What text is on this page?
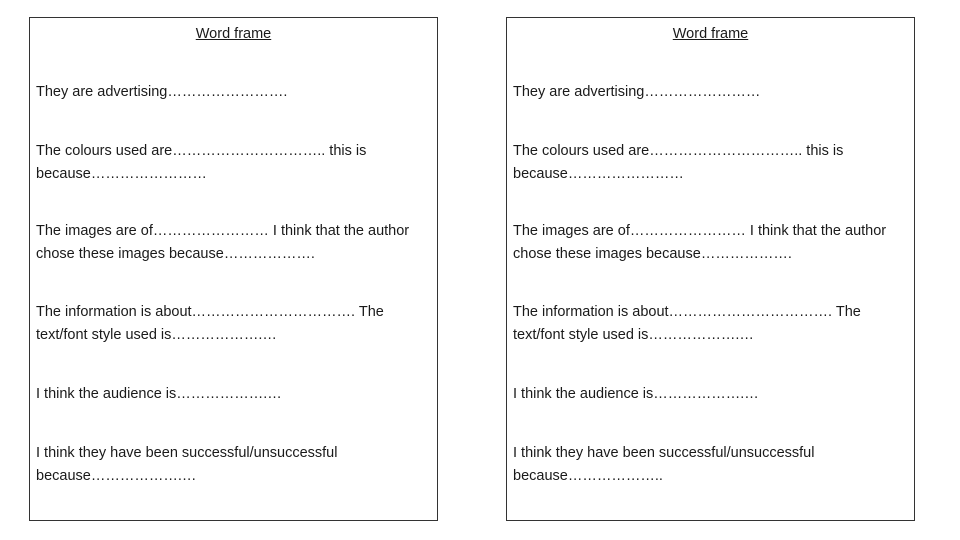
Word frame
They are advertising…………………….
The colours used are………………………….. this is
because……………………
The images are of…………………… I think that the author
chose these images because……………….
The information is about……………………………. The
text/font style used is……………….…
I think the audience is……………….…
I think they have been successful/unsuccessful
because……………….…
Word frame
They are advertising……………………
The colours used are………………………….. this is
because……………………
The images are of…………………… I think that the author
chose these images because……………….
The information is about……………………………. The
text/font style used is……………….…
I think the audience is……………….…
I think they have been successful/unsuccessful
because………………..
